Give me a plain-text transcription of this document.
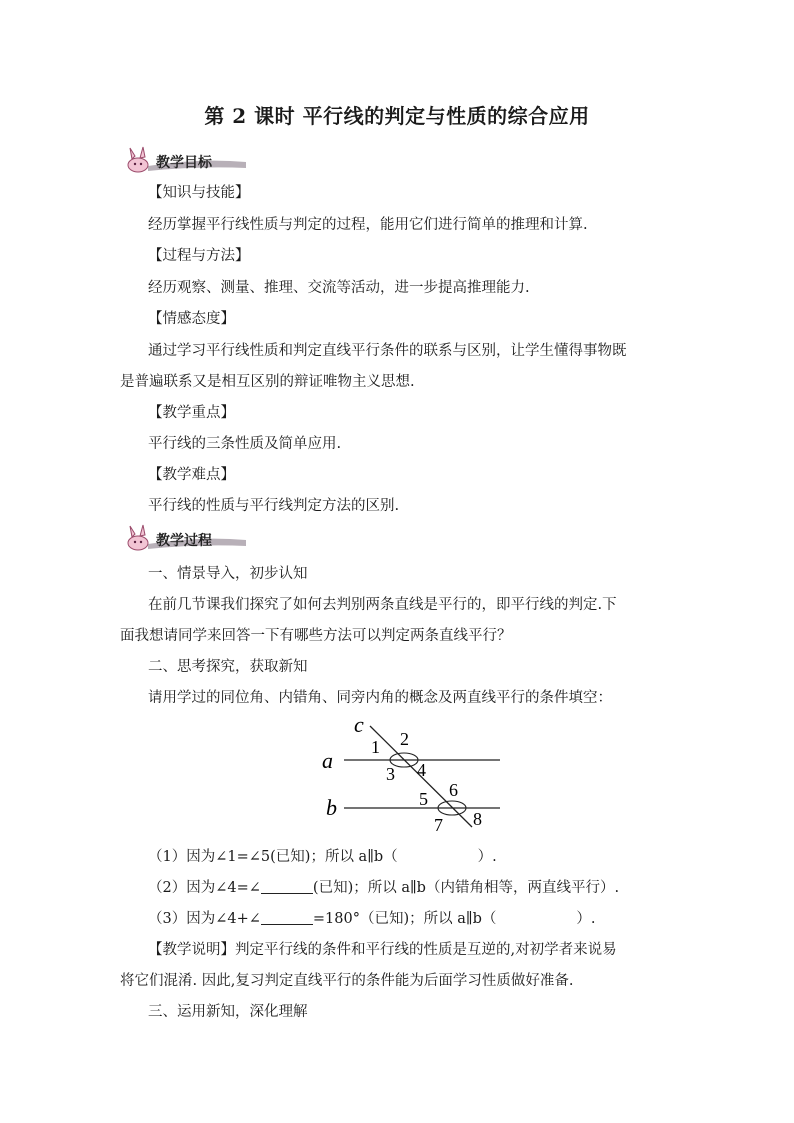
第 2 课时 平行线的判定与性质的综合应用
教学目标
【知识与技能】
经历掌握平行线性质与判定的过程，能用它们进行简单的推理和计算.
【过程与方法】
经历观察、测量、推理、交流等活动，进一步提高推理能力.
【情感态度】
通过学习平行线性质和判定直线平行条件的联系与区别，让学生懂得事物既
是普遍联系又是相互区别的辩证唯物主义思想.
【教学重点】
平行线的三条性质及简单应用.
【教学难点】
平行线的性质与平行线判定方法的区别.
教学过程
一、情景导入，初步认知
在前几节课我们探究了如何去判别两条直线是平行的，即平行线的判定.下
面我想请同学来回答一下有哪些方法可以判定两条直线平行？
二、思考探究，获取新知
请用学过的同位角、内错角、同旁内角的概念及两直线平行的条件填空：
a
b
c
1 2
3 4
5 6
7 8
（1）因为∠1=∠5(已知)；所以 a∥b（	）.
（2）因为∠4=∠	(已知)；所以 a∥b（内错角相等，两直线平行）.
（3）因为∠4+∠	=180°（已知)；所以 a∥b（	）.
【教学说明】判定平行线的条件和平行线的性质是互逆的,对初学者来说易
将它们混淆. 因此,复习判定直线平行的条件能为后面学习性质做好准备.
三、运用新知，深化理解
